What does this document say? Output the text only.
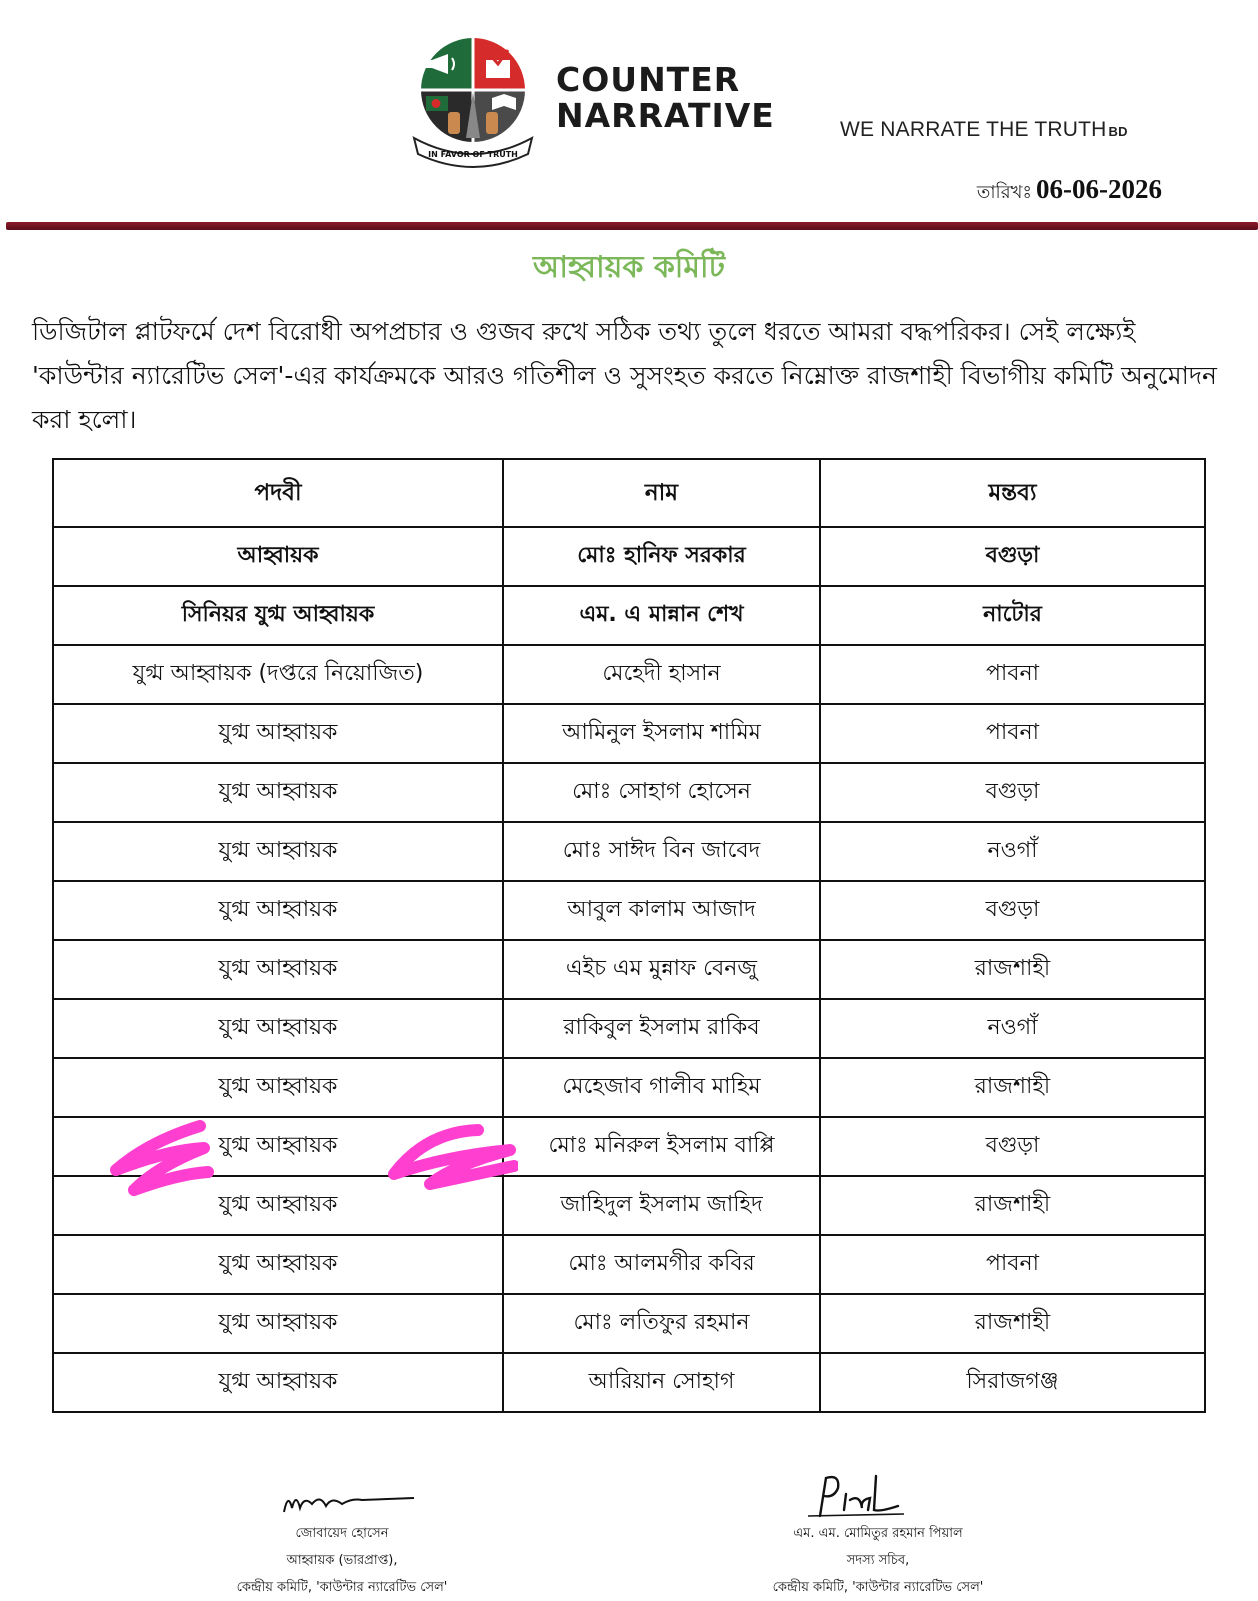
IN FAVOR OF TRUTH
COUNTER
NARRATIVE	WE NARRATE THE TRUTH BD
তারিখঃ 06-06-2026
আহ্বায়ক কমিটি
ডিজিটাল প্লাটফর্মে দেশ বিরোধী অপপ্রচার ও গুজব রুখে সঠিক তথ্য তুলে ধরতে আমরা বদ্ধপরিকর। সেই লক্ষ্যেই 'কাউন্টার ন্যারেটিভ সেল'-এর কার্যক্রমকে আরও গতিশীল ও সুসংহত করতে নিম্নোক্ত রাজশাহী বিভাগীয় কমিটি অনুমোদন করা হলো।
পদবী	নাম	মন্তব্য
আহ্বায়ক	মোঃ হানিফ সরকার	বগুড়া
সিনিয়র যুগ্ম আহ্বায়ক	এম. এ মান্নান শেখ	নাটোর
যুগ্ম আহ্বায়ক (দপ্তরে নিয়োজিত)	মেহেদী হাসান	পাবনা
যুগ্ম আহ্বায়ক	আমিনুল ইসলাম শামিম	পাবনা
যুগ্ম আহ্বায়ক	মোঃ সোহাগ হোসেন	বগুড়া
যুগ্ম আহ্বায়ক	মোঃ সাঈদ বিন জাবেদ	নওগাঁ
যুগ্ম আহ্বায়ক	আবুল কালাম আজাদ	বগুড়া
যুগ্ম আহ্বায়ক	এইচ এম মুন্নাফ বেনজু	রাজশাহী
যুগ্ম আহ্বায়ক	রাকিবুল ইসলাম রাকিব	নওগাঁ
যুগ্ম আহ্বায়ক	মেহেজাব গালীব মাহিম	রাজশাহী
যুগ্ম আহ্বায়ক	মোঃ মনিরুল ইসলাম বাপ্পি	বগুড়া
যুগ্ম আহ্বায়ক	জাহিদুল ইসলাম জাহিদ	রাজশাহী
যুগ্ম আহ্বায়ক	মোঃ আলমগীর কবির	পাবনা
যুগ্ম আহ্বায়ক	মোঃ লতিফুর রহমান	রাজশাহী
যুগ্ম আহ্বায়ক	আরিয়ান সোহাগ	সিরাজগঞ্জ
জোবায়েদ হোসেন
আহ্বায়ক (ভারপ্রাপ্ত),
কেন্দ্রীয় কমিটি, 'কাউন্টার ন্যারেটিভ সেল'
এম. এম. মোমিতুর রহমান পিয়াল
সদস্য সচিব,
কেন্দ্রীয় কমিটি, 'কাউন্টার ন্যারেটিভ সেল'
